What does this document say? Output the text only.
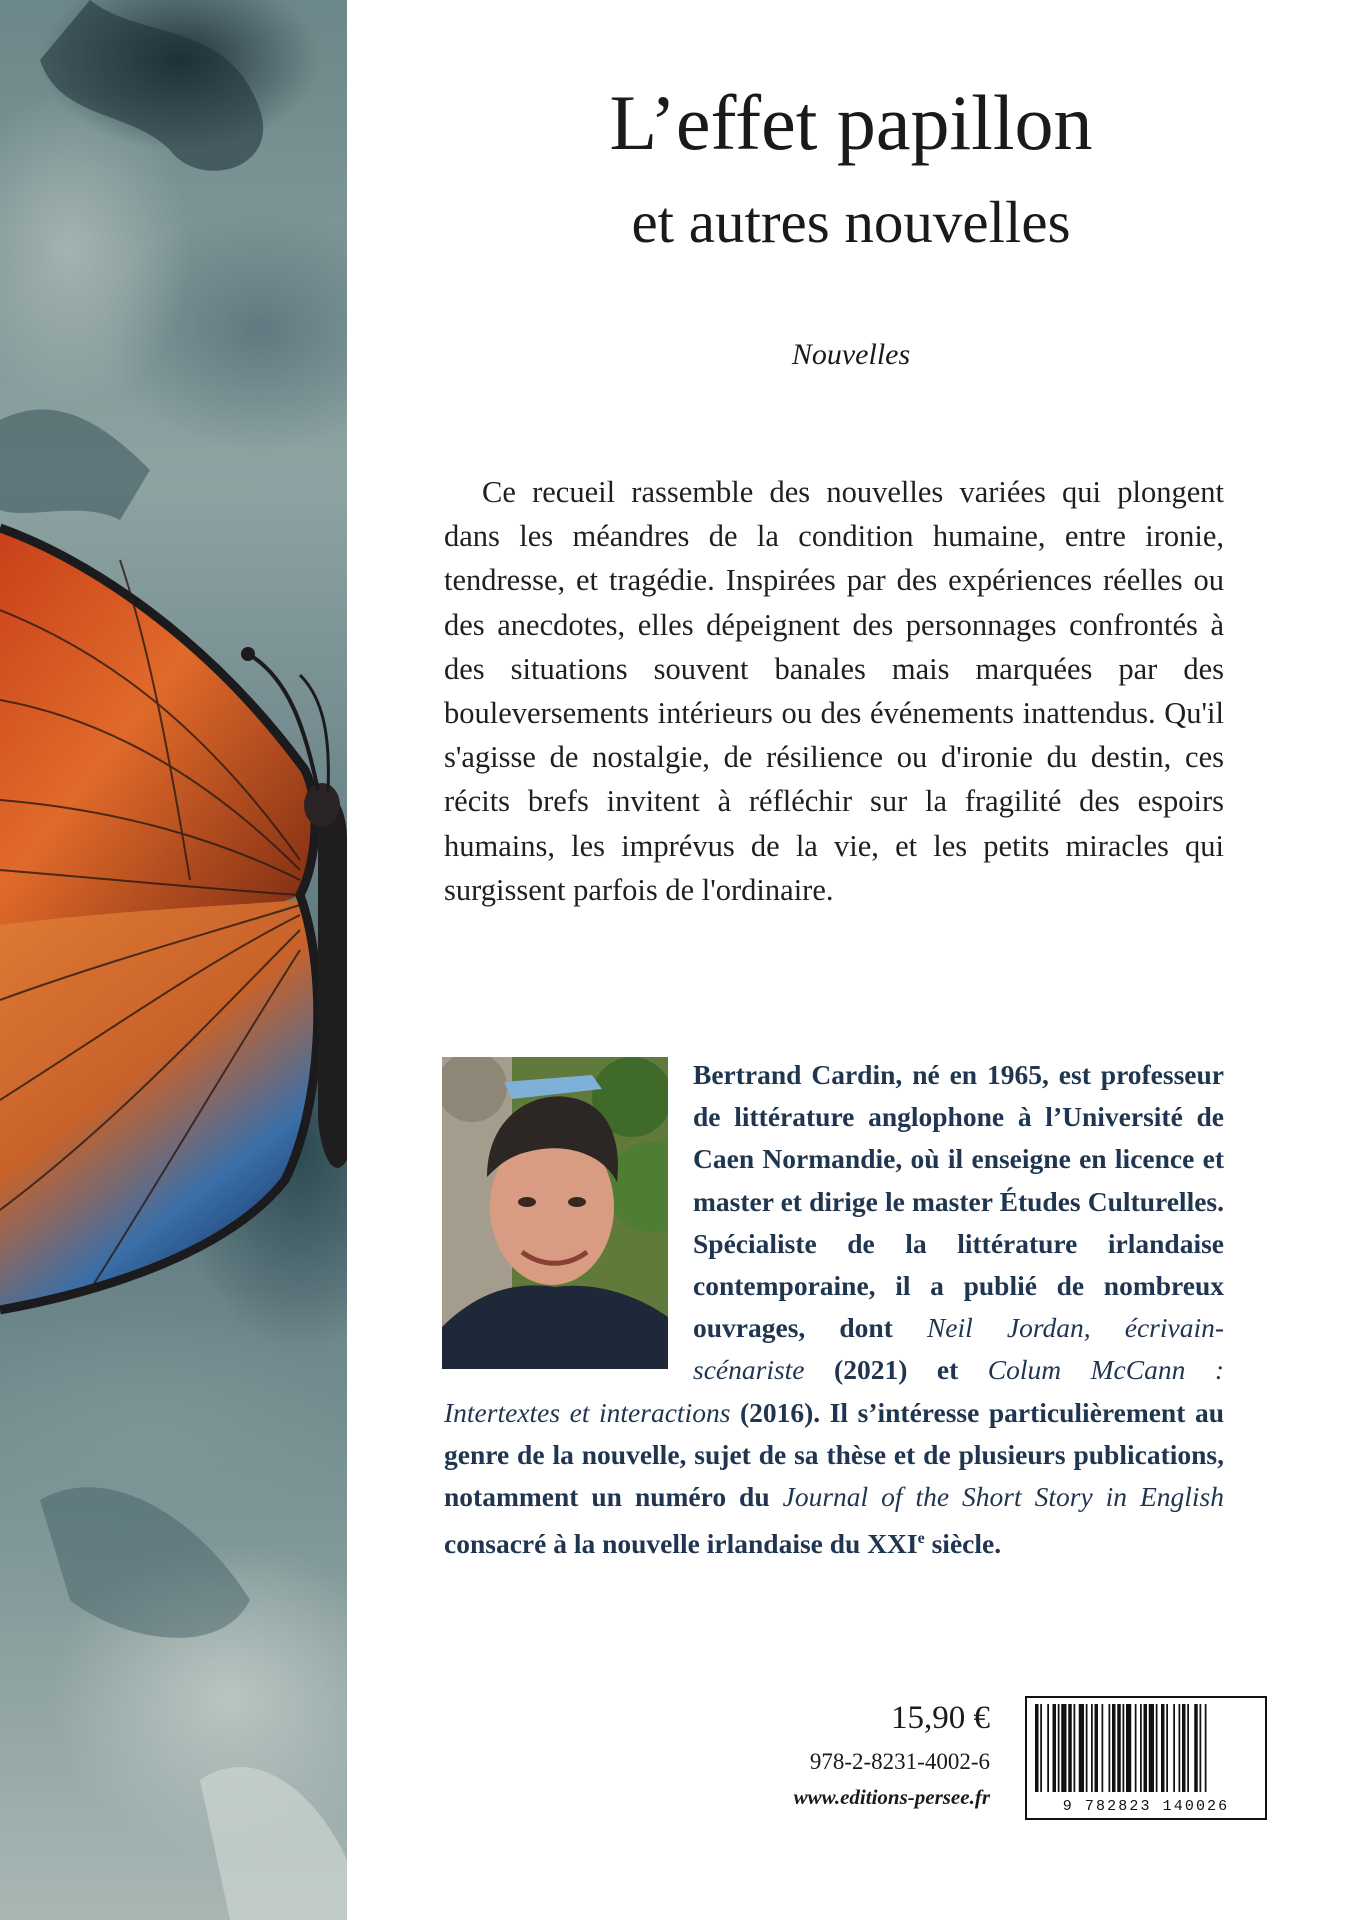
L’effet papillon
et autres nouvelles
Nouvelles

Ce recueil rassemble des nouvelles variées qui plongent dans les méandres de la condition humaine, entre ironie, tendresse, et tragédie. Inspirées par des expériences réelles ou des anecdotes, elles dépeignent des personnages confrontés à des situations souvent banales mais marquées par des bouleversements intérieurs ou des événements inattendus. Qu'il s'agisse de nostalgie, de résilience ou d'ironie du destin, ces récits brefs invitent à réfléchir sur la fragilité des espoirs humains, les imprévus de la vie, et les petits miracles qui surgissent parfois de l'ordinaire.

Bertrand Cardin, né en 1965, est professeur de littérature anglophone à l’Université de Caen Normandie, où il enseigne en licence et master et dirige le master Études Culturelles. Spécialiste de la littérature irlandaise contemporaine, il a publié de nombreux ouvrages, dont Neil Jordan, écrivain-scénariste (2021) et Colum McCann : Intertextes et interactions (2016). Il s’intéresse particulièrement au genre de la nouvelle, sujet de sa thèse et de plusieurs publications, notamment un numéro du Journal of the Short Story in English consacré à la nouvelle irlandaise du XXIe siècle.

15,90 €
978-2-8231-4002-6
www.editions-persee.fr	9 782823 140026
